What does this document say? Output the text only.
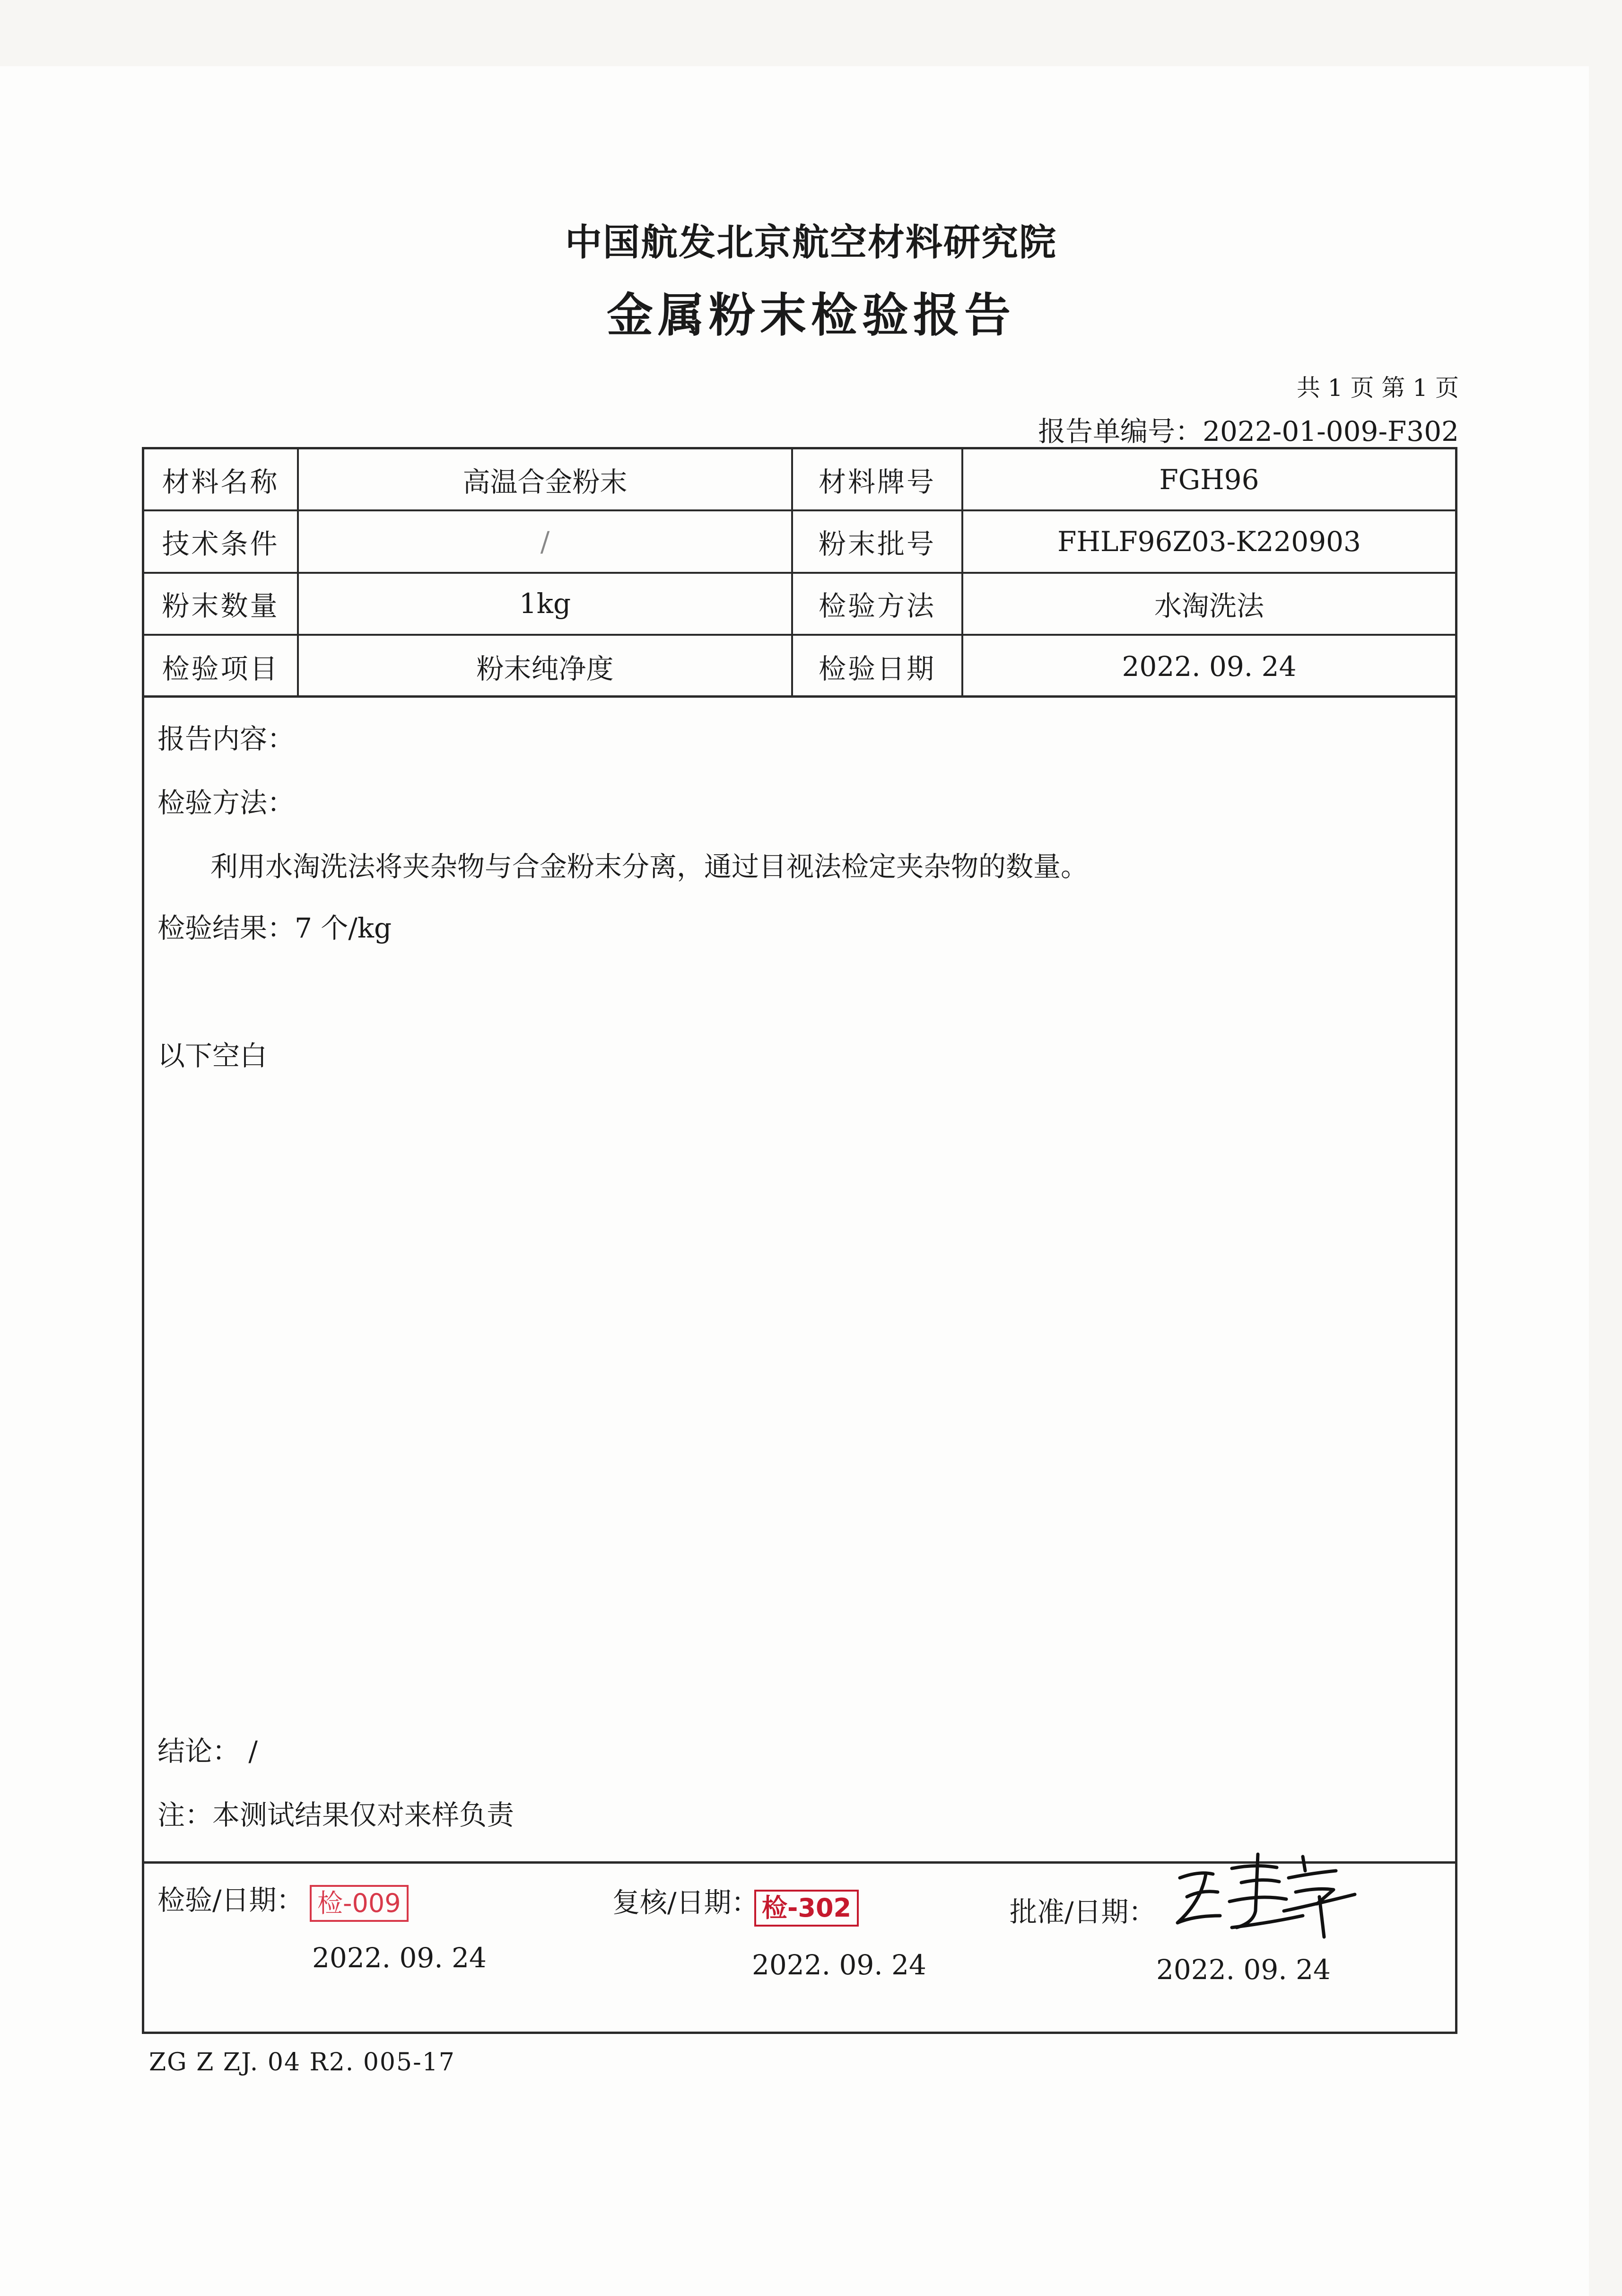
中国航发北京航空材料研究院
金属粉末检验报告
共 1 页 第 1 页
报告单编号：2022-01-009-F302
材料名称	高温合金粉末	材料牌号	FGH96
技术条件	/	粉末批号	FHLF96Z03-K220903
粉末数量	1kg	检验方法	水淘洗法
检验项目	粉末纯净度	检验日期	2022. 09. 24
报告内容：
检验方法：
利用水淘洗法将夹杂物与合金粉末分离，通过目视法检定夹杂物的数量。
检验结果：7 个/kg
以下空白
结论： /
注：本测试结果仅对来样负责
检验/日期： 检-009
2022. 09. 24
复核/日期： 检-302
2022. 09. 24
批准/日期：
2022. 09. 24
ZG Z ZJ. 04 R2. 005-17
